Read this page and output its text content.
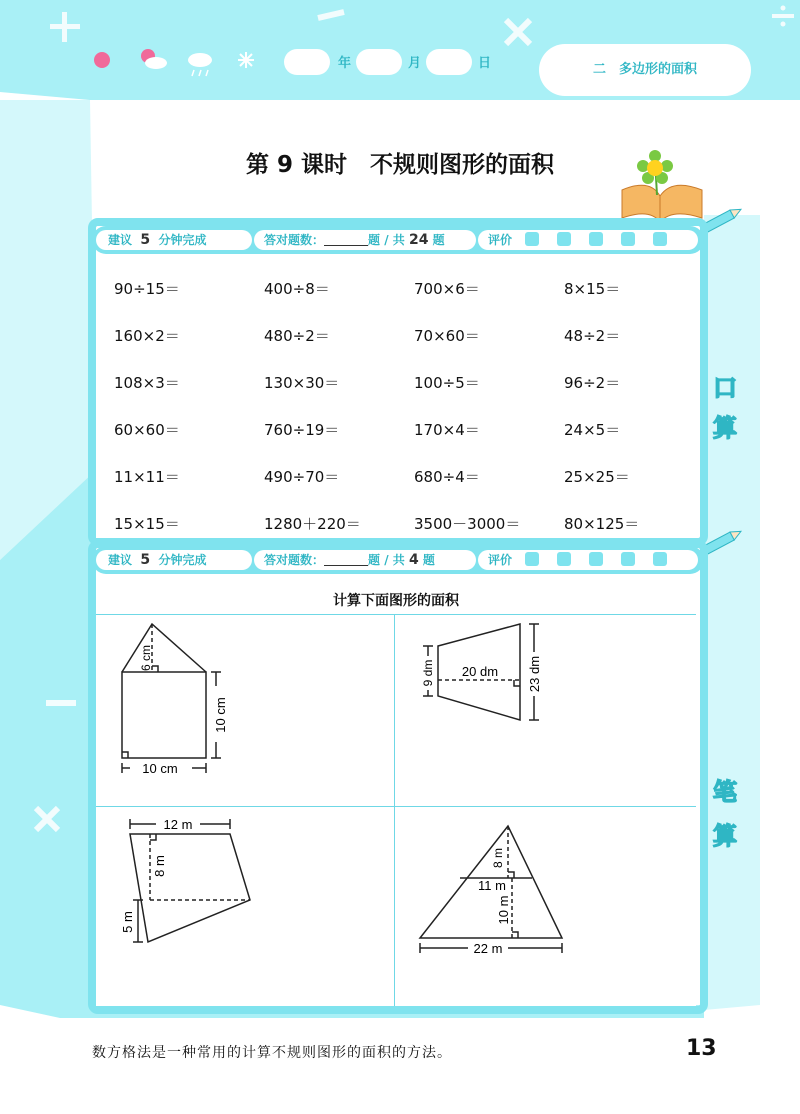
年	月	日	二　多边形的面积
第 9 课时　不规则图形的面积
建议 5 分钟完成	答对题数：	题 / 共 24 题	评价
90÷15＝	400÷8＝	700×6＝	8×15＝
160×2＝	480÷2＝	70×60＝	48÷2＝
108×3＝	130×30＝	100÷5＝	96÷2＝
60×60＝	760÷19＝	170×4＝	24×5＝
11×11＝	490÷70＝	680÷4＝	25×25＝
15×15＝	1280＋220＝	3500－3000＝	80×125＝
口
算
建议 5 分钟完成	答对题数：	题 / 共 4 题	评价
计算下面图形的面积
笔
算
10 cm
10 cm
6 cm
9 dm 20 dm 23 dm
12 m
8 m
5 m
8 m
11 m
10 m
22 m
数方格法是一种常用的计算不规则图形的面积的方法。	13
